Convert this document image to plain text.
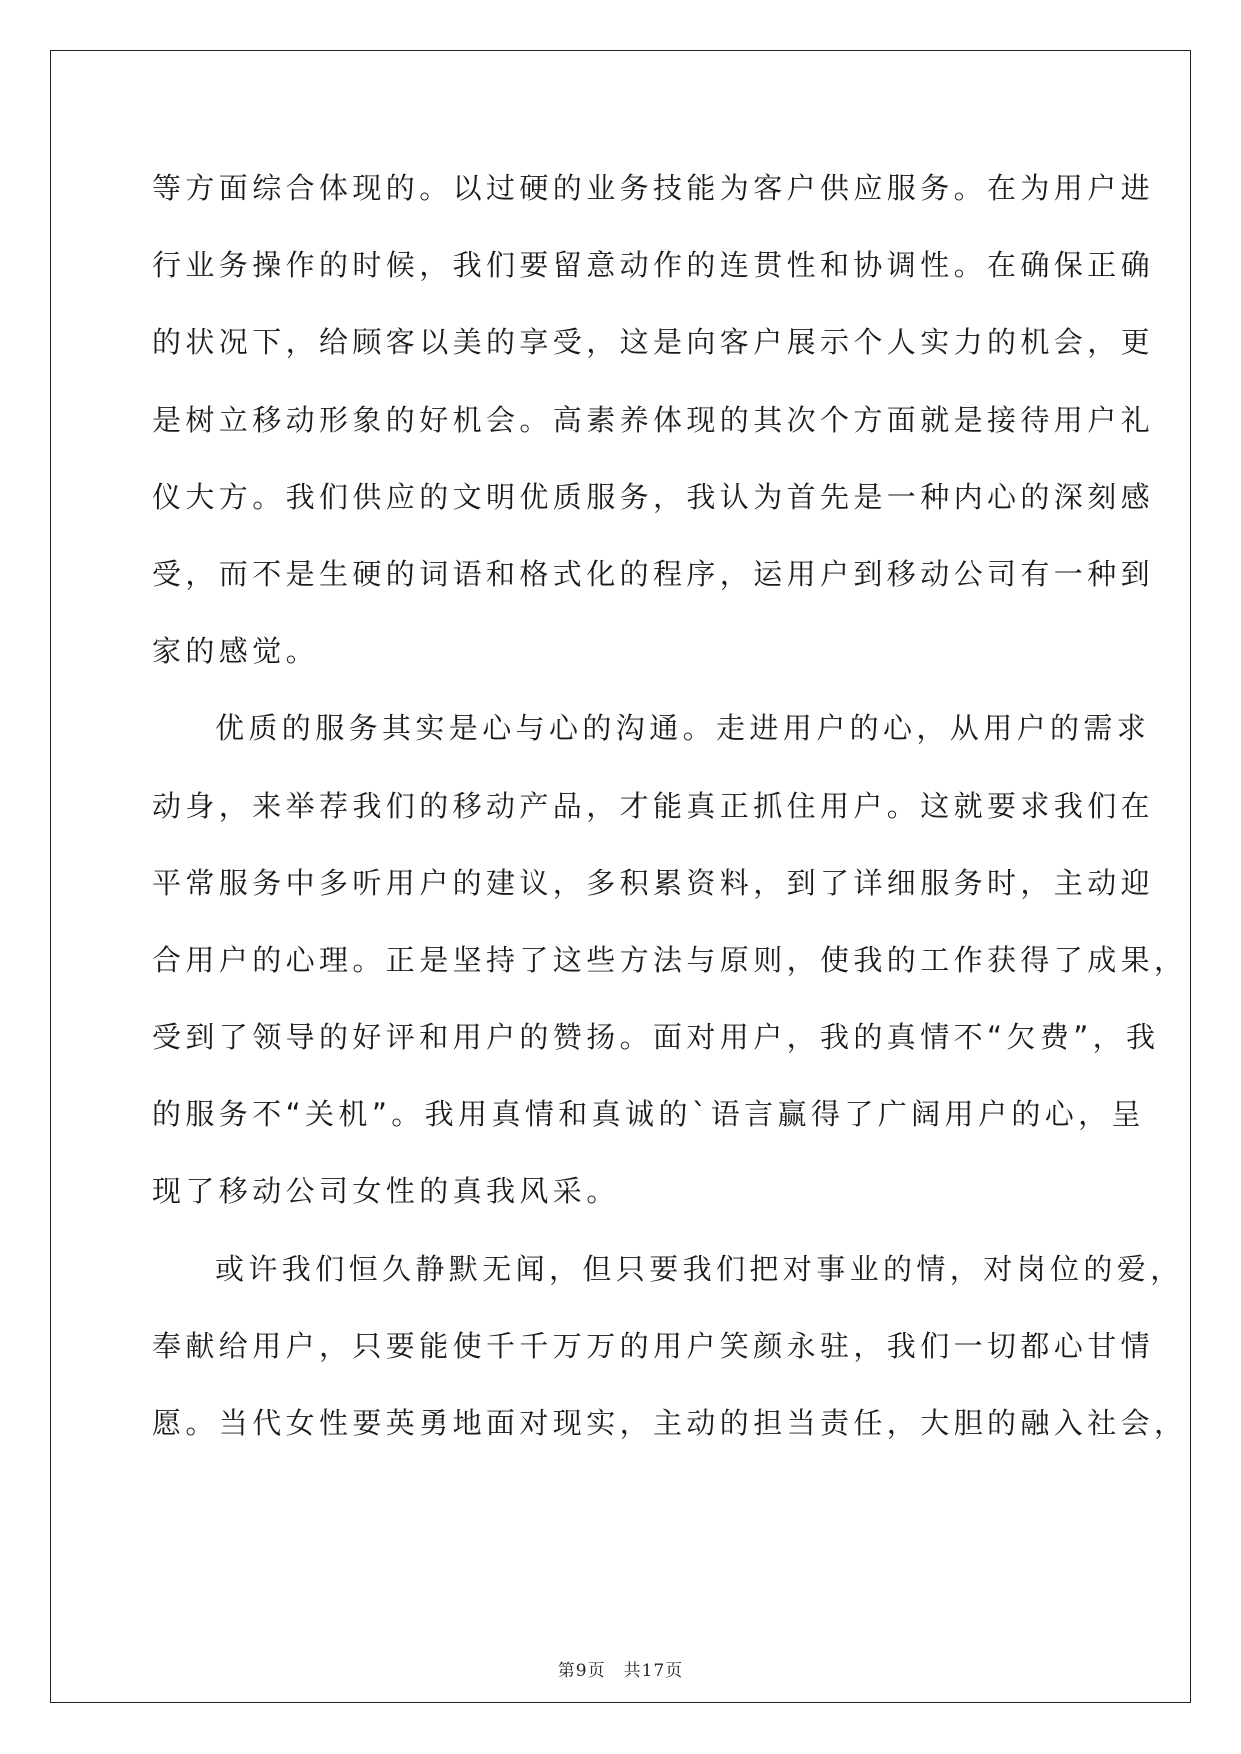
等方面综合体现的。以过硬的业务技能为客户供应服务。在为用户进
行业务操作的时候，我们要留意动作的连贯性和协调性。在确保正确
的状况下，给顾客以美的享受，这是向客户展示个人实力的机会，更
是树立移动形象的好机会。高素养体现的其次个方面就是接待用户礼
仪大方。我们供应的文明优质服务，我认为首先是一种内心的深刻感
受，而不是生硬的词语和格式化的程序，运用户到移动公司有一种到
家的感觉。
优质的服务其实是心与心的沟通。走进用户的心，从用户的需求
动身，来举荐我们的移动产品，才能真正抓住用户。这就要求我们在
平常服务中多听用户的建议，多积累资料，到了详细服务时，主动迎
合用户的心理。正是坚持了这些方法与原则，使我的工作获得了成果，
受到了领导的好评和用户的赞扬。面对用户，我的真情不“欠费”，我
的服务不“关机”。我用真情和真诚的`语言赢得了广阔用户的心，呈
现了移动公司女性的真我风采。
或许我们恒久静默无闻，但只要我们把对事业的情，对岗位的爱，
奉献给用户，只要能使千千万万的用户笑颜永驻，我们一切都心甘情
愿。当代女性要英勇地面对现实，主动的担当责任，大胆的融入社会，
第9页　共17页
